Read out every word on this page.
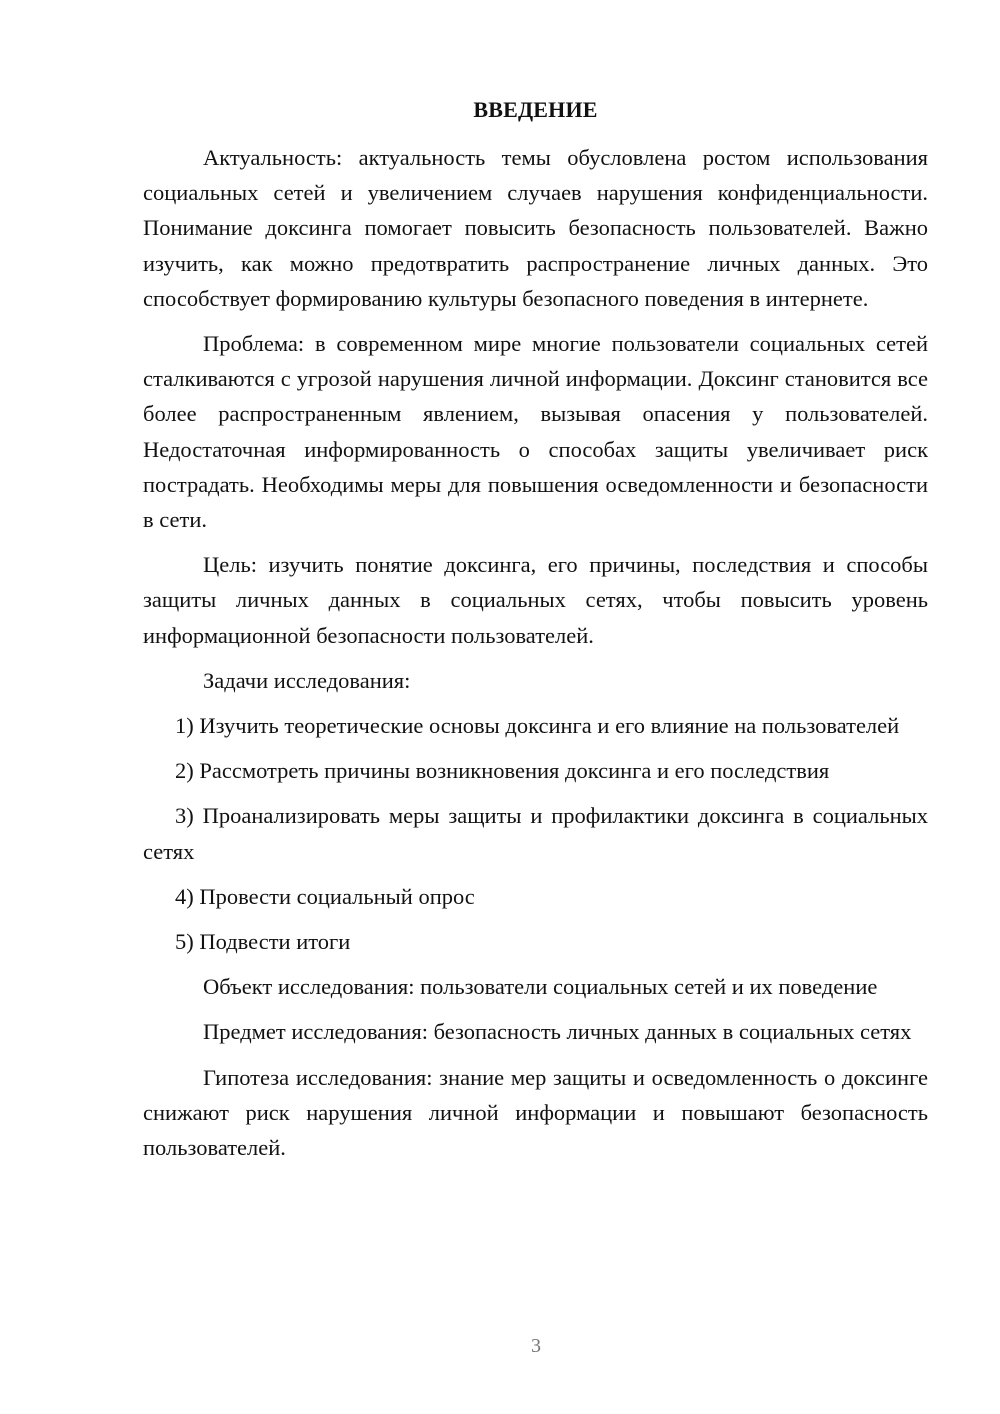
ВВЕДЕНИЕ

Актуальность: актуальность темы обусловлена ростом использования социальных сетей и увеличением случаев нарушения конфиденциальности. Понимание доксинга помогает повысить безопасность пользователей. Важно изучить, как можно предотвратить распространение личных данных. Это способствует формированию культуры безопасного поведения в интернете.

Проблема: в современном мире многие пользователи социальных сетей сталкиваются с угрозой нарушения личной информации. Доксинг становится все более распространенным явлением, вызывая опасения у пользователей. Недостаточная информированность о способах защиты увеличивает риск пострадать. Необходимы меры для повышения осведомленности и безопасности в сети.

Цель: изучить понятие доксинга, его причины, последствия и способы защиты личных данных в социальных сетях, чтобы повысить уровень информационной безопасности пользователей.

Задачи исследования:

1) Изучить теоретические основы доксинга и его влияние на пользователей

2) Рассмотреть причины возникновения доксинга и его последствия

3) Проанализировать меры защиты и профилактики доксинга в социальных сетях

4) Провести социальный опрос

5) Подвести итоги

Объект исследования: пользователи социальных сетей и их поведение

Предмет исследования: безопасность личных данных в социальных сетях

Гипотеза исследования: знание мер защиты и осведомленность о доксинге снижают риск нарушения личной информации и повышают безопасность пользователей.

3
